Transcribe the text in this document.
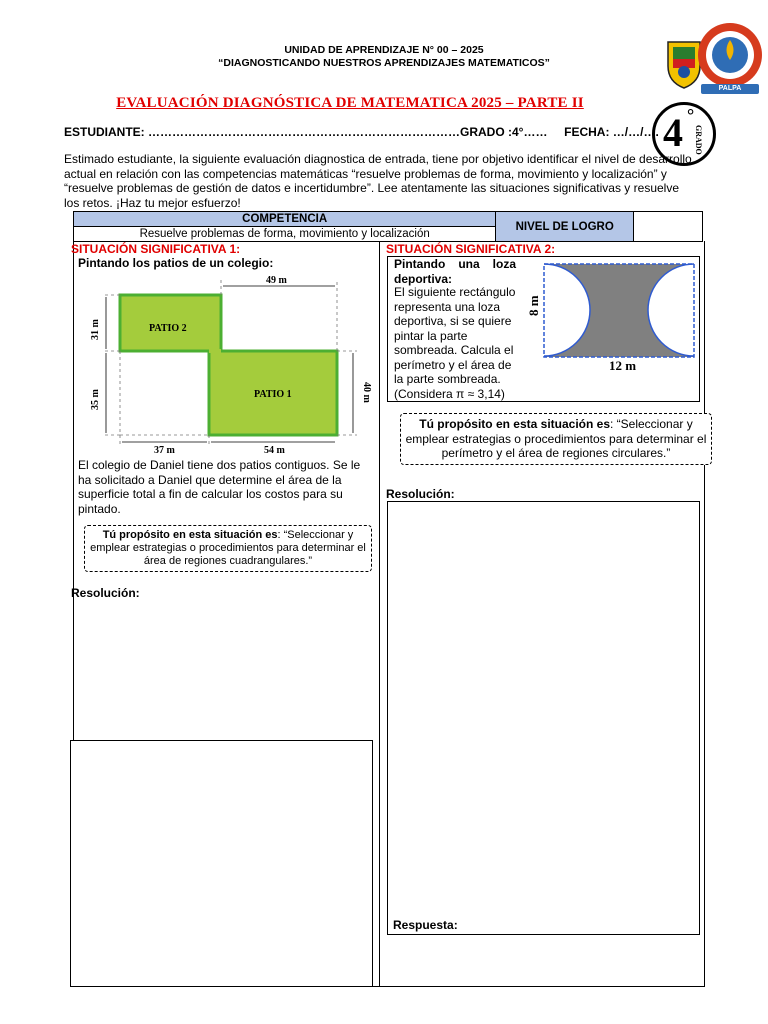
UNIDAD DE APRENDIZAJE N° 00 – 2025
“DIAGNOSTICANDO NUESTROS APRENDIZAJES MATEMATICOS”
EVALUACIÓN DIAGNÓSTICA DE MATEMATICA 2025 – PARTE II
PALPA
4 °
GRADO
ESTUDIANTE: ……………………………………………………………………GRADO :4°……     FECHA: …/…/….
Estimado estudiante, la siguiente evaluación diagnostica de entrada, tiene por objetivo identificar el nivel de desarrollo actual en relación con las competencias matemáticas “resuelve problemas de forma, movimiento y localización” y “resuelve problemas de gestión de datos e incertidumbre”. Lee atentamente las situaciones significativas y resuelve los retos. ¡Haz tu mejor esfuerzo!
COMPETENCIA	NIVEL DE LOGRO	
Resuelve problemas de forma, movimiento y localización
SITUACIÓN SIGNIFICATIVA 1:
Pintando los patios de un colegio:
PATIO 2
PATIO 1
49 m
31 m
35 m	40 m
37 m	54 m
El colegio de Daniel tiene dos patios contiguos. Se le ha solicitado a Daniel que determine el área de la superficie total a fin de calcular los costos para su pintado.
Tú propósito en esta situación es: “Seleccionar y emplear estrategias o procedimientos para determinar el área de regiones cuadrangulares.”
Resolución:
SITUACIÓN SIGNIFICATIVA 2:
Pintando una loza deportiva:
El siguiente rectángulo representa una loza deportiva, si se quiere pintar la parte sombreada. Calcula el perímetro y el área de la parte sombreada. (Considera π ≈ 3,14)
8 m
12 m
Tú propósito en esta situación es: “Seleccionar y emplear estrategias o procedimientos para determinar el perímetro y el área de regiones circulares.”
Resolución:
Respuesta:
